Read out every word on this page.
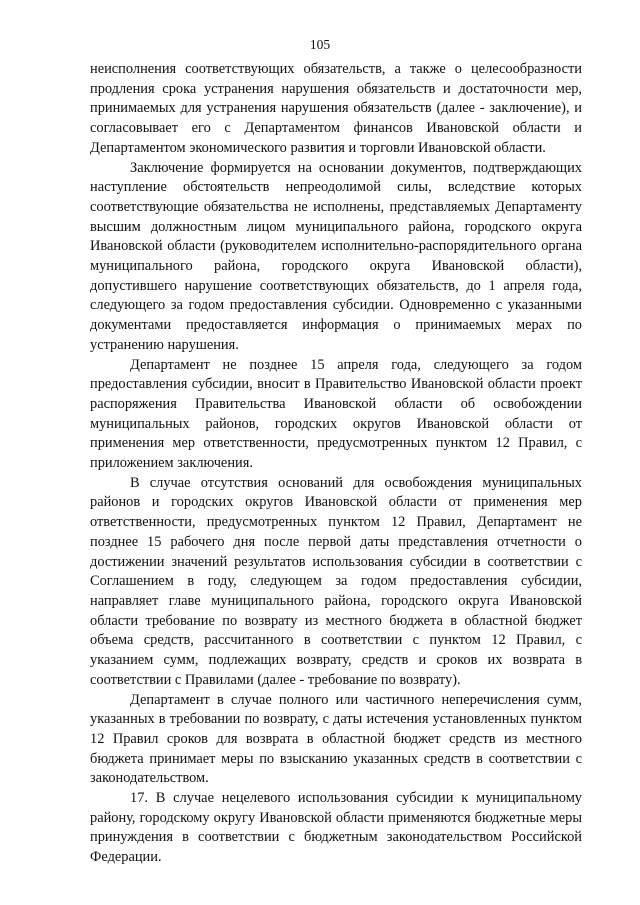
105

неисполнения соответствующих обязательств, а также о целесообразности продления срока устранения нарушения обязательств и достаточности мер, принимаемых для устранения нарушения обязательств (далее - заключение), и согласовывает его с Департаментом финансов Ивановской области и Департаментом экономического развития и торговли Ивановской области.

Заключение формируется на основании документов, подтверждающих наступление обстоятельств непреодолимой силы, вследствие которых соответствующие обязательства не исполнены, представляемых Департаменту высшим должностным лицом муниципального района, городского округа Ивановской области (руководителем исполнительно-распорядительного органа муниципального района, городского округа Ивановской области), допустившего нарушение соответствующих обязательств, до 1 апреля года, следующего за годом предоставления субсидии. Одновременно с указанными документами предоставляется информация о принимаемых мерах по устранению нарушения.

Департамент не позднее 15 апреля года, следующего за годом предоставления субсидии, вносит в Правительство Ивановской области проект распоряжения Правительства Ивановской области об освобождении муниципальных районов, городских округов Ивановской области от применения мер ответственности, предусмотренных пунктом 12 Правил, с приложением заключения.

В случае отсутствия оснований для освобождения муниципальных районов и городских округов Ивановской области от применения мер ответственности, предусмотренных пунктом 12 Правил, Департамент не позднее 15 рабочего дня после первой даты представления отчетности о достижении значений результатов использования субсидии в соответствии с Соглашением в году, следующем за годом предоставления субсидии, направляет главе муниципального района, городского округа Ивановской области требование по возврату из местного бюджета в областной бюджет объема средств, рассчитанного в соответствии с пунктом 12 Правил, с указанием сумм, подлежащих возврату, средств и сроков их возврата в соответствии с Правилами (далее - требование по возврату).

Департамент в случае полного или частичного неперечисления сумм, указанных в требовании по возврату, с даты истечения установленных пунктом 12 Правил сроков для возврата в областной бюджет средств из местного бюджета принимает меры по взысканию указанных средств в соответствии с законодательством.

17. В случае нецелевого использования субсидии к муниципальному району, городскому округу Ивановской области применяются бюджетные меры принуждения в соответствии с бюджетным законодательством Российской Федерации.
